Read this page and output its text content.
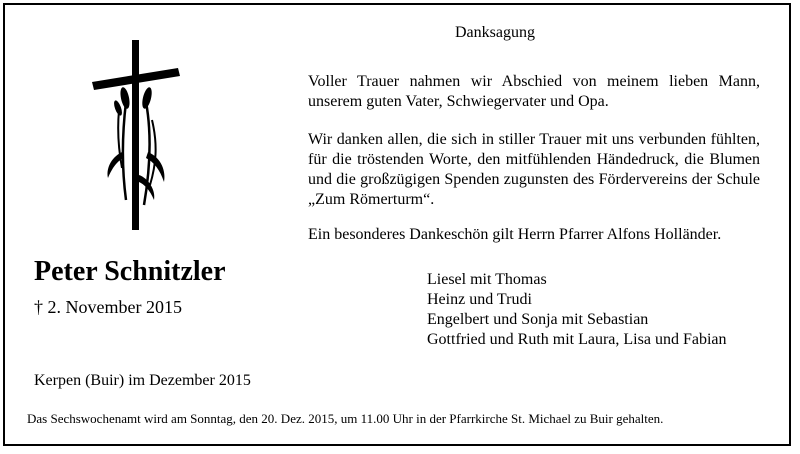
Danksagung
Voller Trauer nahmen wir Abschied von meinem lieben Mann, unserem guten Vater, Schwiegervater und Opa.
Wir danken allen, die sich in stiller Trauer mit uns verbunden fühlten, für die tröstenden Worte, den mitfühlenden Händedruck, die Blumen und die großzügigen Spenden zugunsten des Fördervereins der Schule „Zum Römerturm“.
Ein besonderes Dankeschön gilt Herrn Pfarrer Alfons Holländer.
Peter Schnitzler
† 2. November 2015
Liesel mit Thomas
Heinz und Trudi
Engelbert und Sonja mit Sebastian
Gottfried und Ruth mit Laura, Lisa und Fabian
Kerpen (Buir) im Dezember 2015
Das Sechswochenamt wird am Sonntag, den 20. Dez. 2015, um 11.00 Uhr in der Pfarrkirche St. Michael zu Buir gehalten.
